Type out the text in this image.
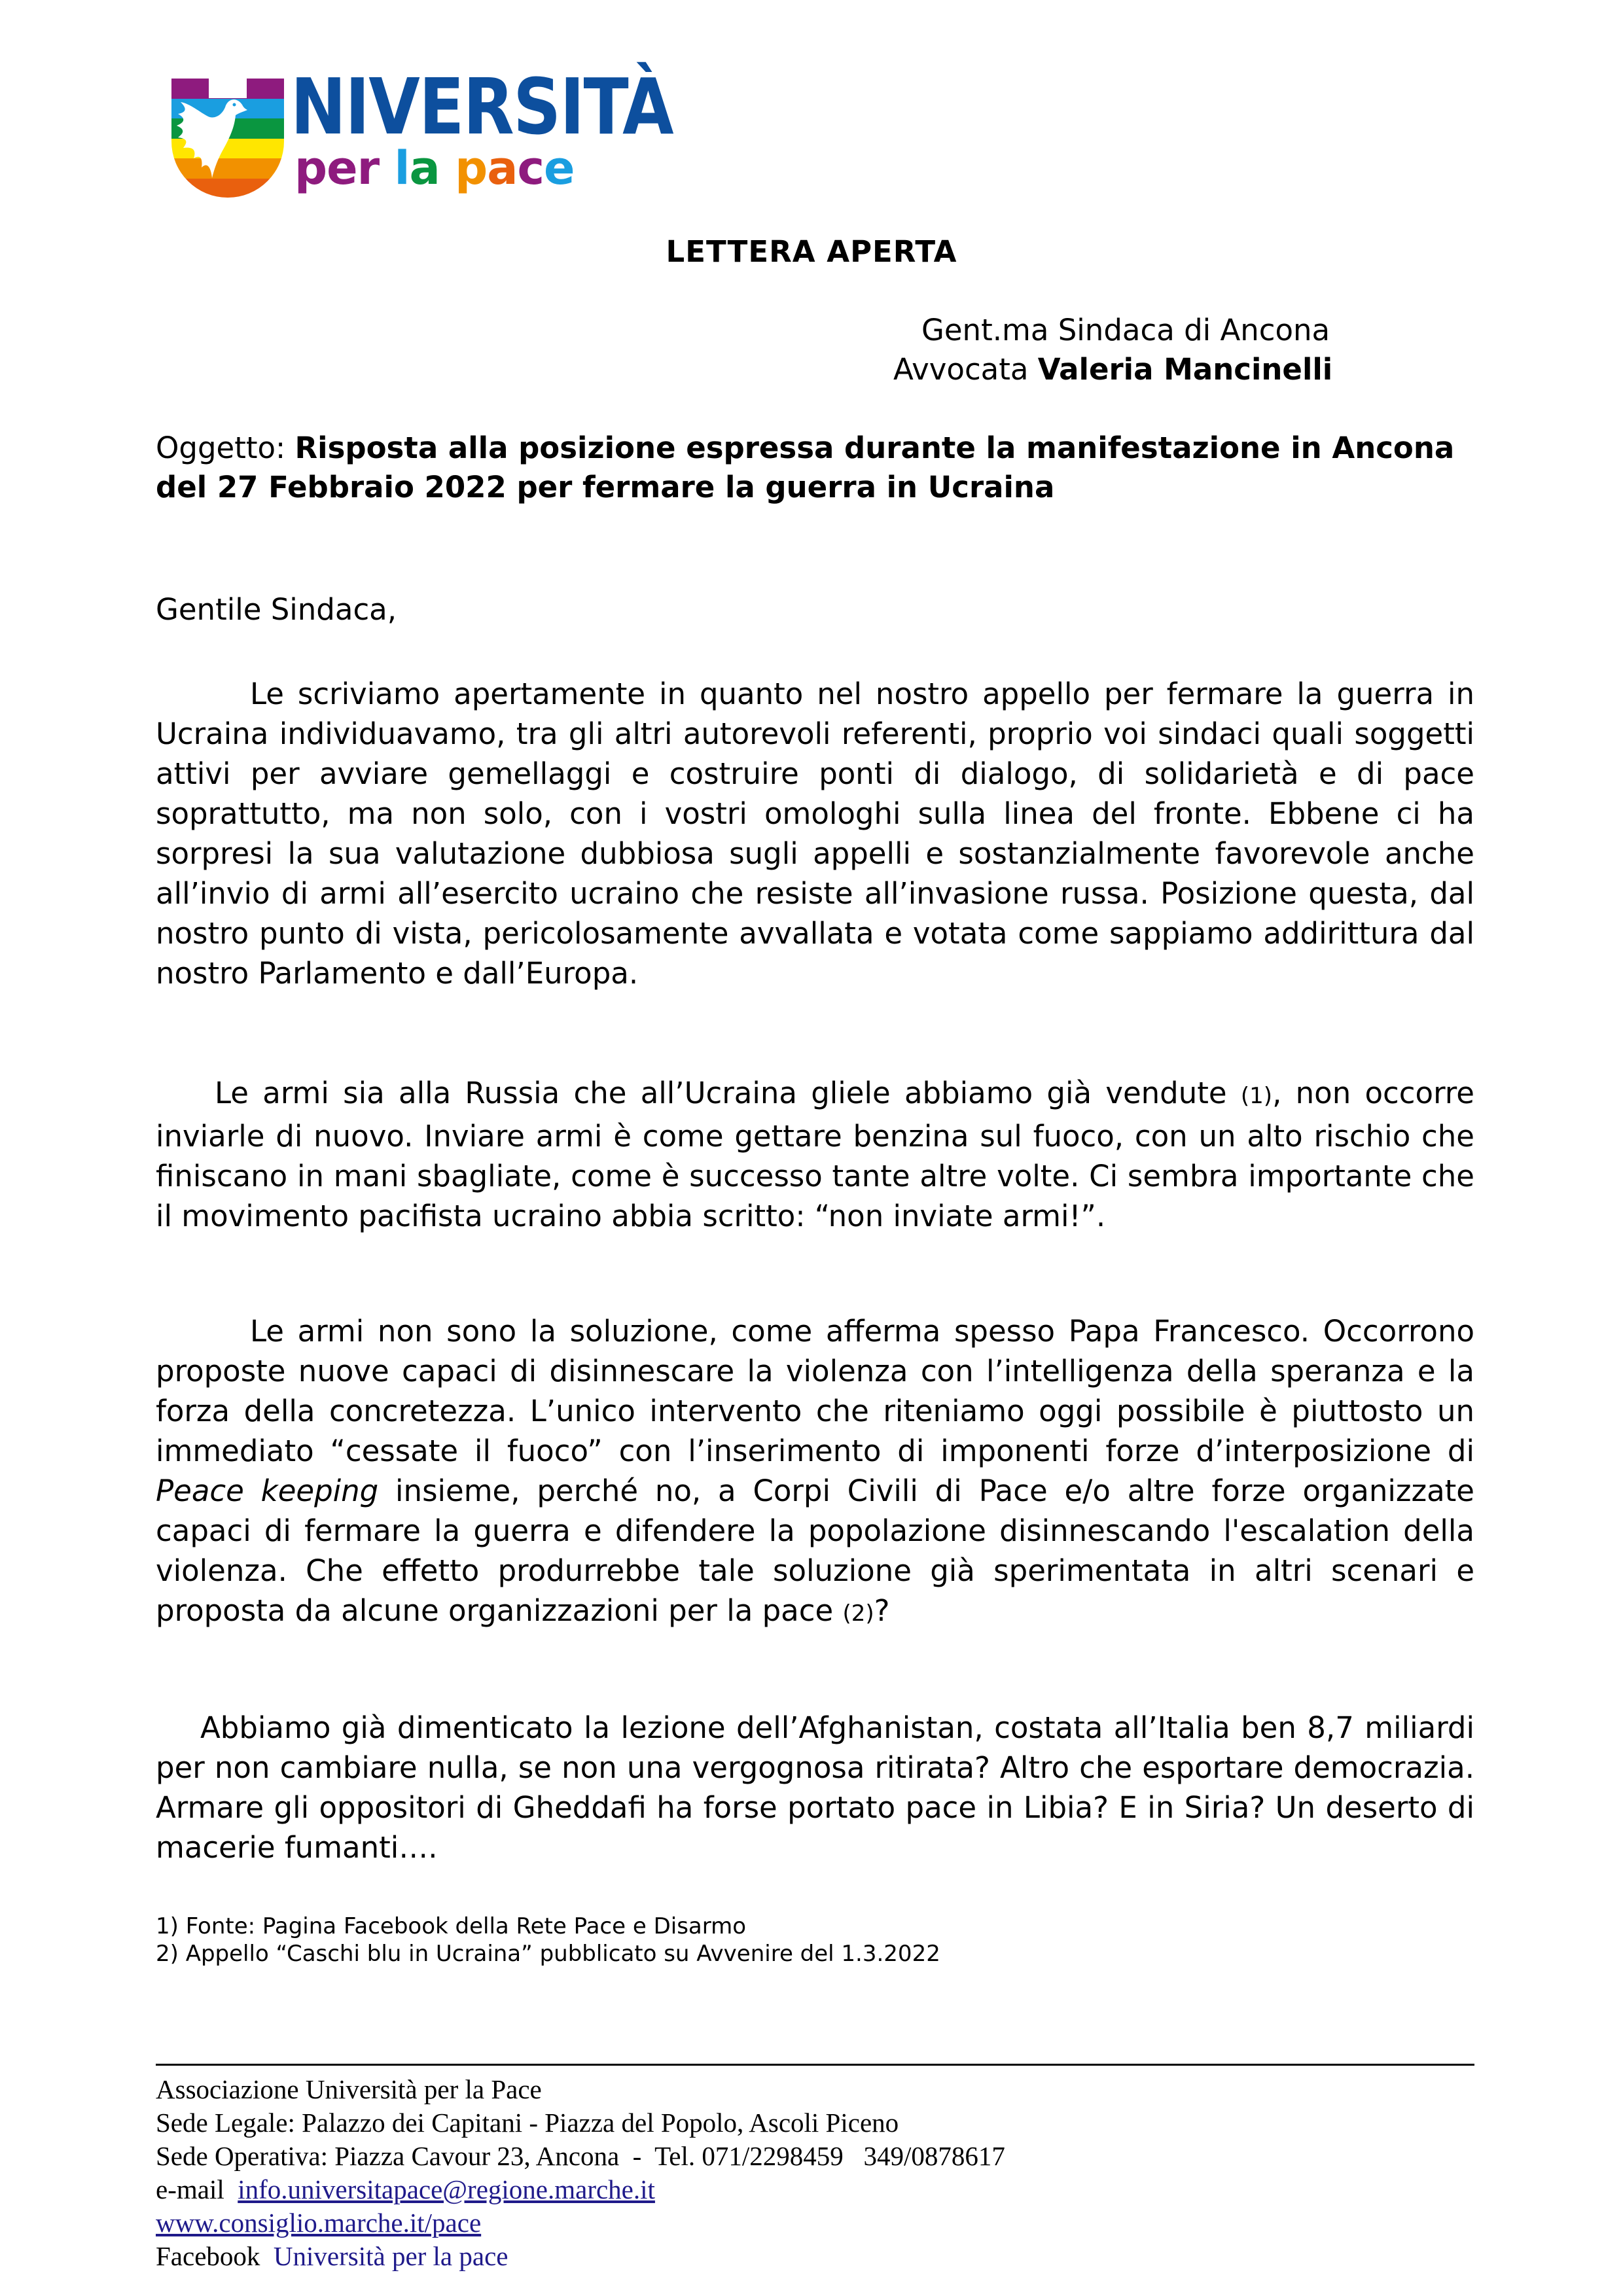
NIVERSITÀ
per la pace
LETTERA APERTA
Gent.ma Sindaca di Ancona
Avvocata Valeria Mancinelli
Oggetto: Risposta alla posizione espressa durante la manifestazione in Ancona del 27 Febbraio 2022 per fermare la guerra in Ucraina
Gentile Sindaca,
Le scriviamo apertamente in quanto nel nostro appello per fermare la guerra in Ucraina individuavamo, tra gli altri autorevoli referenti, proprio voi sindaci quali soggetti attivi per avviare gemellaggi e costruire ponti di dialogo, di solidarietà e di pace soprattutto, ma non solo, con i vostri omologhi sulla linea del fronte. Ebbene ci ha sorpresi la sua valutazione dubbiosa sugli appelli e sostanzialmente favorevole anche all’invio di armi all’esercito ucraino che resiste all’invasione russa. Posizione questa, dal nostro punto di vista, pericolosamente avvallata e votata come sappiamo addirittura dal nostro Parlamento e dall’Europa.
Le armi sia alla Russia che all’Ucraina gliele abbiamo già vendute (1), non occorre inviarle di nuovo. Inviare armi è come gettare benzina sul fuoco, con un alto rischio che finiscano in mani sbagliate, come è successo tante altre volte. Ci sembra importante che il movimento pacifista ucraino abbia scritto: “non inviate armi!”.
Le armi non sono la soluzione, come afferma spesso Papa Francesco. Occorrono proposte nuove capaci di disinnescare la violenza con l’intelligenza della speranza e la forza della concretezza. L’unico intervento che riteniamo oggi possibile è piuttosto un immediato “cessate il fuoco” con l’inserimento di imponenti forze d’interposizione di Peace keeping insieme, perché no, a Corpi Civili di Pace e/o altre forze organizzate capaci di fermare la guerra e difendere la popolazione disinnescando l'escalation della violenza. Che effetto produrrebbe tale soluzione già sperimentata in altri scenari e proposta da alcune organizzazioni per la pace (2)?
Abbiamo già dimenticato la lezione dell’Afghanistan, costata all’Italia ben 8,7 miliardi per non cambiare nulla, se non una vergognosa ritirata? Altro che esportare democrazia. Armare gli oppositori di Gheddafi ha forse portato pace in Libia? E in Siria? Un deserto di macerie fumanti….
1) Fonte: Pagina Facebook della Rete Pace e Disarmo
2) Appello “Caschi blu in Ucraina” pubblicato su Avvenire del 1.3.2022
Associazione Università per la Pace
Sede Legale: Palazzo dei Capitani - Piazza del Popolo, Ascoli Piceno
Sede Operativa: Piazza Cavour 23, Ancona  -  Tel. 071/2298459   349/0878617
e-mail  info.universitapace@regione.marche.it
www.consiglio.marche.it/pace
Facebook  Università per la pace
